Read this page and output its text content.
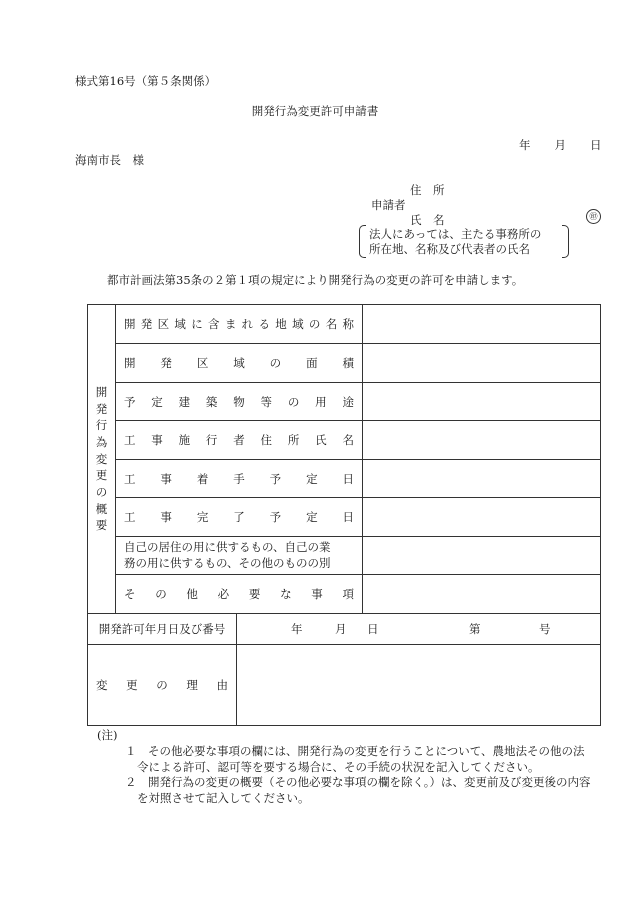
様式第16号（第５条関係）
開発行為変更許可申請書
年 月 日
海南市長　様
住　所
申請者
氏　名	㊞
法人にあっては、主たる事務所の
所在地、名称及び代表者の氏名
都市計画法第35条の２第１項の規定により開発行為の変更の許可を申請します。
開
発
行
為
変
更
の
概
要
開発区域に含まれる地域の名称
開発区域の面積
予定建築物等の用途
工事施行者住所氏名
工事着手予定日
工事完了予定日
自己の居住の用に供するもの、自己の業
務の用に供するもの、その他のものの別
その他必要な事項
開発許可年月日及び番号	年	月 日	第	号
変 更 の 理 由
(注)
１　その他必要な事項の欄には、開発行為の変更を行うことについて、農地法その他の法
令による許可、認可等を要する場合に、その手続の状況を記入してください。
２　開発行為の変更の概要（その他必要な事項の欄を除く。）は、変更前及び変更後の内容
を対照させて記入してください。
